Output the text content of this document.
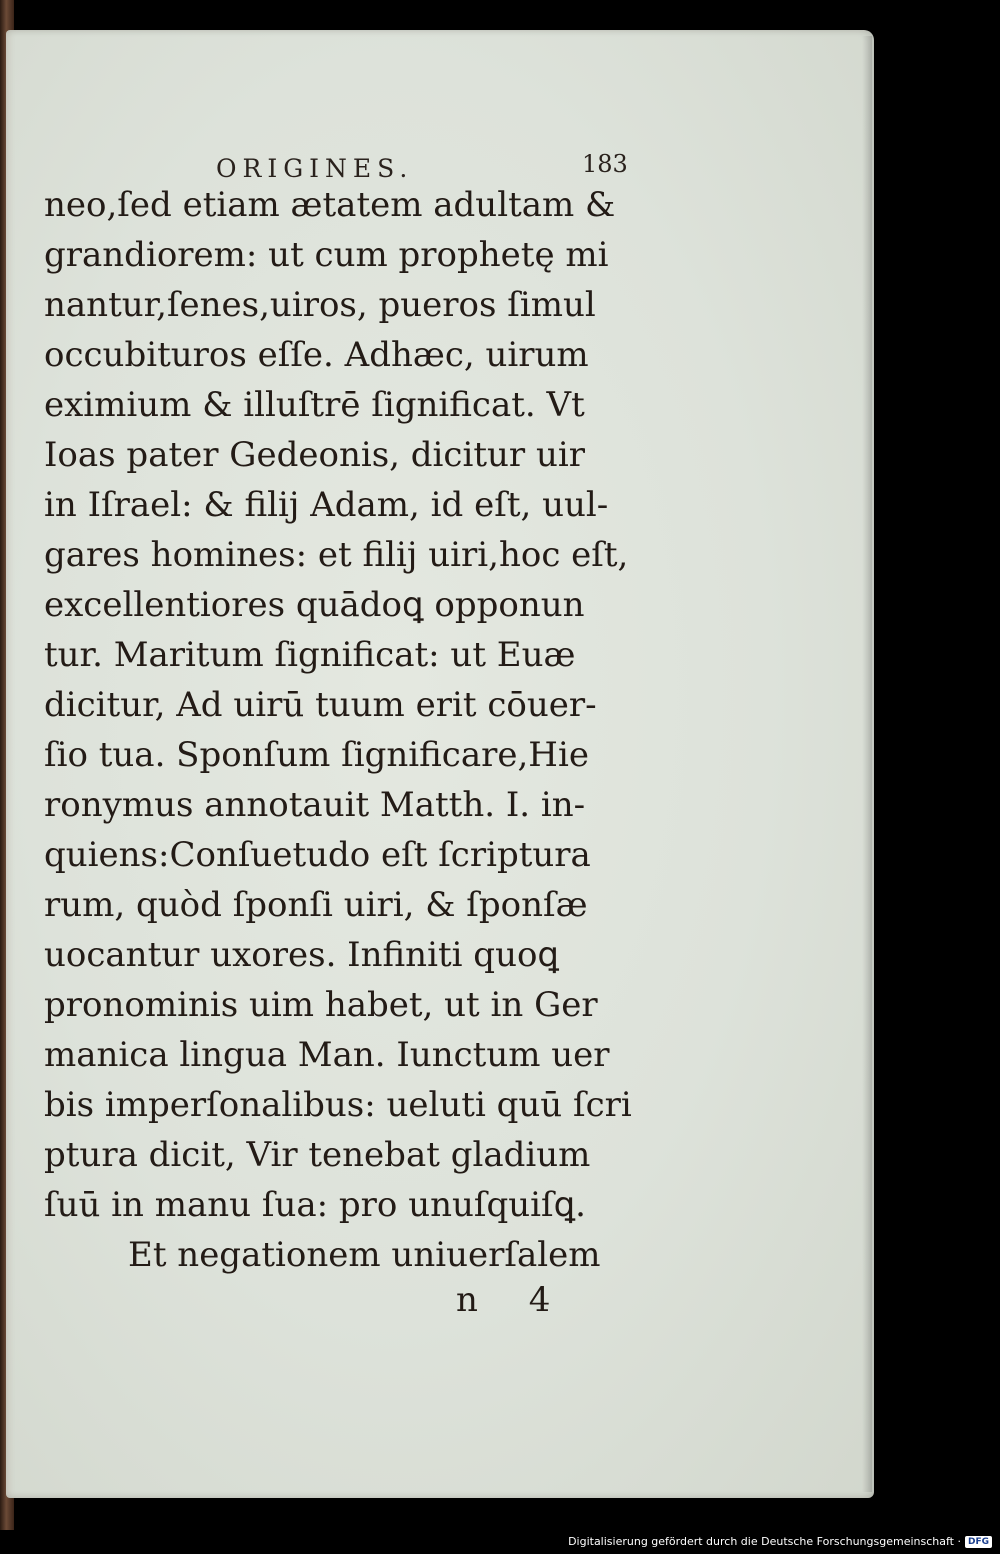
ORIGINES.	183
neo,ſed etiam ætatem adultam &
grandiorem: ut cum prophetę mi
nantur,ſenes,uiros, pueros ſimul
occubituros eſſe. Adhæc, uirum
eximium & illuſtrē ſignificat. Vt
Ioas pater Gedeonis, dicitur uir
in Iſrael: & filij Adam, id eſt, uul-
gares homines: et filij uiri,hoc eſt,
excellentiores quādoꝗ opponun
tur. Maritum ſignificat: ut Euæ
dicitur, Ad uirū tuum erit cōuer-
ſio tua. Sponſum ſignificare,Hie
ronymus annotauit Matth. I. in-
quiens:Conſuetudo eſt ſcriptura
rum, quòd ſponſi uiri, & ſponſæ
uocantur uxores. Infiniti quoꝗ
pronominis uim habet, ut in Ger
manica lingua Man. Iunctum uer
bis imperſonalibus: ueluti quū ſcri
ptura dicit, Vir tenebat gladium
ſuū in manu ſua: pro unuſquiſꝗ.
Et negationem uniuerſalem
n 4
Digitalisierung gefördert durch die Deutsche Forschungsgemeinschaft · DFG
